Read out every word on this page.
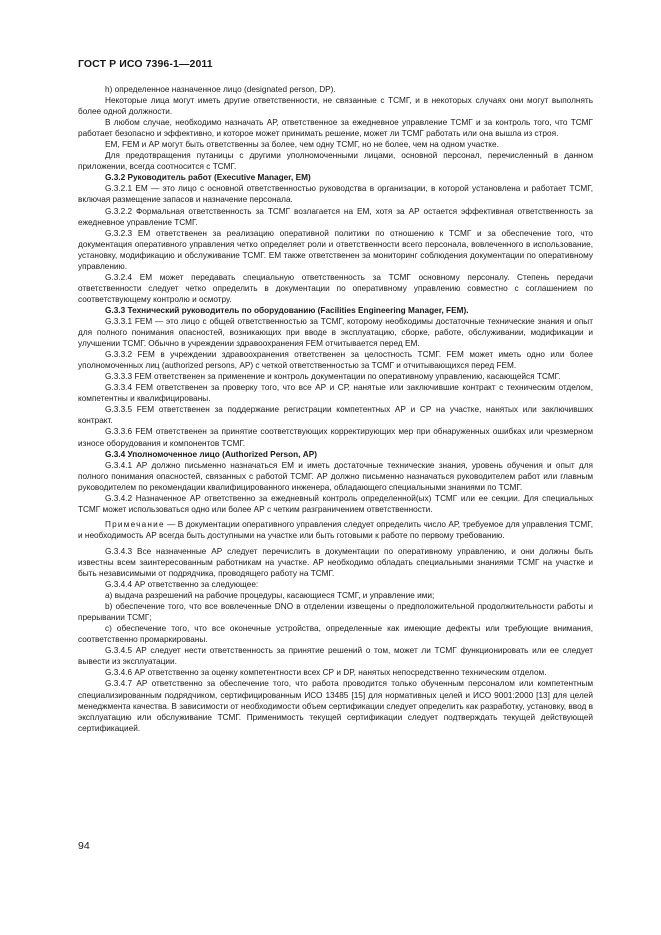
ГОСТ Р ИСО 7396-1—2011

h) определенное назначенное лицо (designated person, DP).

Некоторые лица могут иметь другие ответственности, не связанные с ТСМГ, и в некоторых случаях они могут выполнять более одной должности.

В любом случае, необходимо назначать АР, ответственное за ежедневное управление ТСМГ и за контроль того, что ТСМГ работает безопасно и эффективно, и которое может принимать решение, может ли ТСМГ работать или она вышла из строя.

ЕМ, FEM и АР могут быть ответственны за более, чем одну ТСМГ, но не более, чем на одном участке.

Для предотвращения путаницы с другими уполномоченными лицами, основной персонал, перечисленный в данном приложении, всегда соотносится с ТСМГ.

G.3.2 Руководитель работ (Executive Manager, ЕМ)

G.3.2.1 ЕМ — это лицо с основной ответственностью руководства в организации, в которой установлена и работает ТСМГ, включая размещение запасов и назначение персонала.

G.3.2.2 Формальная ответственность за ТСМГ возлагается на ЕМ, хотя за АР остается эффективная ответственность за ежедневное управление ТСМГ.

G.3.2.3 ЕМ ответственен за реализацию оперативной политики по отношению к ТСМГ и за обеспечение того, что документация оперативного управления четко определяет роли и ответственности всего персонала, вовлеченного в использование, установку, модификацию и обслуживание ТСМГ. ЕМ также ответственен за мониторинг соблюдения документации по оперативному управлению.

G.3.2.4 ЕМ может передавать специальную ответственность за ТСМГ основному персоналу. Степень передачи ответственности следует четко определить в документации по оперативному управлению совместно с соглашением по соответствующему контролю и осмотру.

G.3.3 Технический руководитель по оборудованию (Facilities Engineering Manager, FEM).

G.3.3.1 FEM — это лицо с общей ответственностью за ТСМГ, которому необходимы достаточные технические знания и опыт для полного понимания опасностей, возникающих при вводе в эксплуатацию, сборке, работе, обслуживании, модификации и улучшении ТСМГ. Обычно в учреждении здравоохранения FEM отчитывается перед ЕМ.

G.3.3.2 FEM в учреждении здравоохранения ответственен за целостность ТСМГ. FEM может иметь одно или более уполномоченных лиц (authorized persons, АР) с четкой ответственностью за ТСМГ и отчитывающихся перед FEM.

G.3.3.3 FEM ответственен за применение и контроль документации по оперативному управлению, касающейся ТСМГ.

G.3.3.4 FEM ответственен за проверку того, что все АР и СР, нанятые или заключившие контракт с техническим отделом, компетентны и квалифицированы.

G.3.3.5 FEM ответственен за поддержание регистрации компетентных АР и СР на участке, нанятых или заключивших контракт.

G.3.3.6 FEM ответственен за принятие соответствующих корректирующих мер при обнаруженных ошибках или чрезмерном износе оборудования и компонентов ТСМГ.

G.3.4 Уполномоченное лицо (Authorized Person, АР)

G.3.4.1 АР должно письменно назначаться ЕМ и иметь достаточные технические знания, уровень обучения и опыт для полного понимания опасностей, связанных с работой ТСМГ. АР должно письменно назначаться руководителем работ или главным руководителем по рекомендации квалифицированного инженера, обладающего специальными знаниями по ТСМГ.

G.3.4.2 Назначенное АР ответственно за ежедневный контроль определенной(ых) ТСМГ или ее секции. Для специальных ТСМГ может использоваться одно или более АР с четким разграничением ответственности.

Примечание — В документации оперативного управления следует определить число АР, требуемое для управления ТСМГ, и необходимость АР всегда быть доступными на участке или быть готовыми к работе по первому требованию.

G.3.4.3 Все назначенные АР следует перечислить в документации по оперативному управлению, и они должны быть известны всем заинтересованным работникам на участке. АР необходимо обладать специальными знаниями ТСМГ на участке и быть независимыми от подрядчика, проводящего работу на ТСМГ.

G.3.4.4 АР ответственно за следующее:

а) выдача разрешений на рабочие процедуры, касающиеся ТСМГ, и управление ими;

b) обеспечение того, что все вовлеченные DNO в отделении извещены о предположительной продолжительности работы и прерывании ТСМГ;

c) обеспечение того, что все оконечные устройства, определенные как имеющие дефекты или требующие внимания, соответственно промаркированы.

G.3.4.5 АР следует нести ответственность за принятие решений о том, может ли ТСМГ функционировать или ее следует вывести из эксплуатации.

G.3.4.6 АР ответственно за оценку компетентности всех СР и DP, нанятых непосредственно техническим отделом.

G.3.4.7 АР ответственно за обеспечение того, что работа проводится только обученным персоналом или компетентным специализированным подрядчиком, сертифицированным ИСО 13485 [15] для нормативных целей и ИСО 9001:2000 [13] для целей менеджмента качества. В зависимости от необходимости объем сертификации следует определить как разработку, установку, ввод в эксплуатацию или обслуживание ТСМГ. Применимость текущей сертификации следует подтверждать текущей действующей сертификацией.

94
